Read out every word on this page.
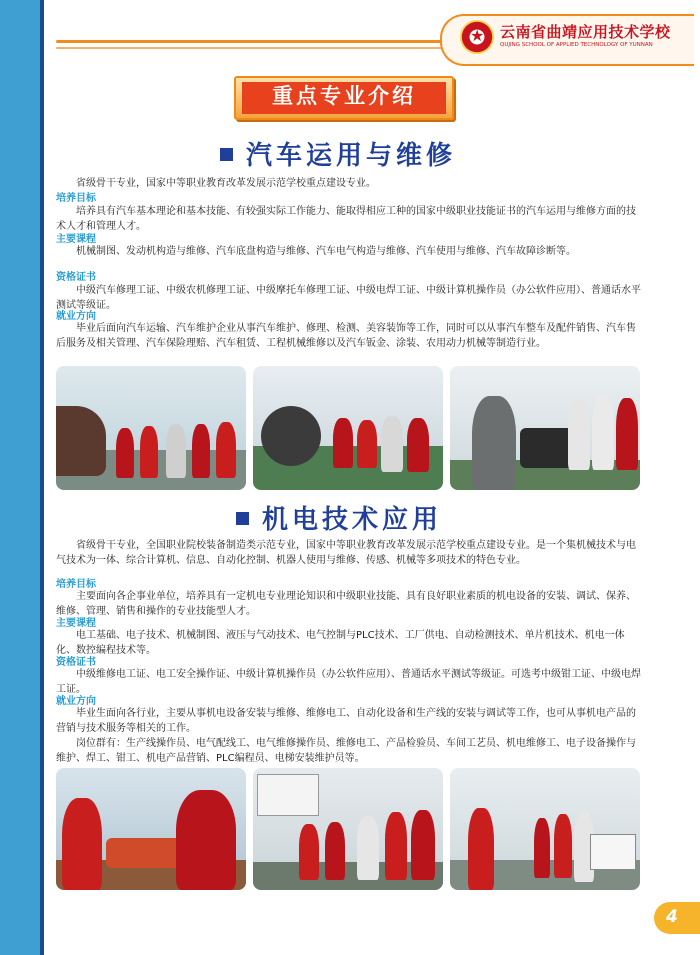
★ 云南省曲靖应用技术学校
QUJING SCHOOL OF APPLIED TECHNOLOGY OF YUNNAN
重点专业介绍
汽车运用与维修

省级骨干专业，国家中等职业教育改革发展示范学校重点建设专业。

培养目标

培养具有汽车基本理论和基本技能、有较强实际工作能力、能取得相应工种的国家中级职业技能证书的汽车运用与维修方面的技术人才和管理人才。

主要课程

机械制图、发动机构造与维修、汽车底盘构造与维修、汽车电气构造与维修、汽车使用与维修、汽车故障诊断等。

资格证书

中级汽车修理工证、中级农机修理工证、中级摩托车修理工证、中级电焊工证、中级计算机操作员（办公软件应用）、普通话水平测试等级证。

就业方向

毕业后面向汽车运输、汽车维护企业从事汽车维护、修理、检测、美容装饰等工作，同时可以从事汽车整车及配件销售、汽车售后服务及相关管理、汽车保险理赔、汽车租赁、工程机械维修以及汽车钣金、涂装、农用动力机械等制造行业。

机电技术应用

省级骨干专业，全国职业院校装备制造类示范专业，国家中等职业教育改革发展示范学校重点建设专业。是一个集机械技术与电气技术为一体、综合计算机、信息、自动化控制、机器人使用与维修、传感、机械等多项技术的特色专业。

培养目标

主要面向各企事业单位，培养具有一定机电专业理论知识和中级职业技能、具有良好职业素质的机电设备的安装、调试、保养、维修、管理、销售和操作的专业技能型人才。

主要课程

电工基础、电子技术、机械制图、液压与气动技术、电气控制与PLC技术、工厂供电、自动检测技术、单片机技术、机电一体化、数控编程技术等。

资格证书

中级维修电工证、电工安全操作证、中级计算机操作员（办公软件应用）、普通话水平测试等级证。可选考中级钳工证、中级电焊工证。

就业方向

毕业生面向各行业，主要从事机电设备安装与维修、维修电工、自动化设备和生产线的安装与调试等工作，也可从事机电产品的营销与技术服务等相关的工作。

岗位群有：生产线操作员、电气配线工、电气维修操作员、维修电工、产品检验员、车间工艺员、机电维修工、电子设备操作与维护、焊工、钳工、机电产品营销、PLC编程员、电梯安装维护员等。

4
